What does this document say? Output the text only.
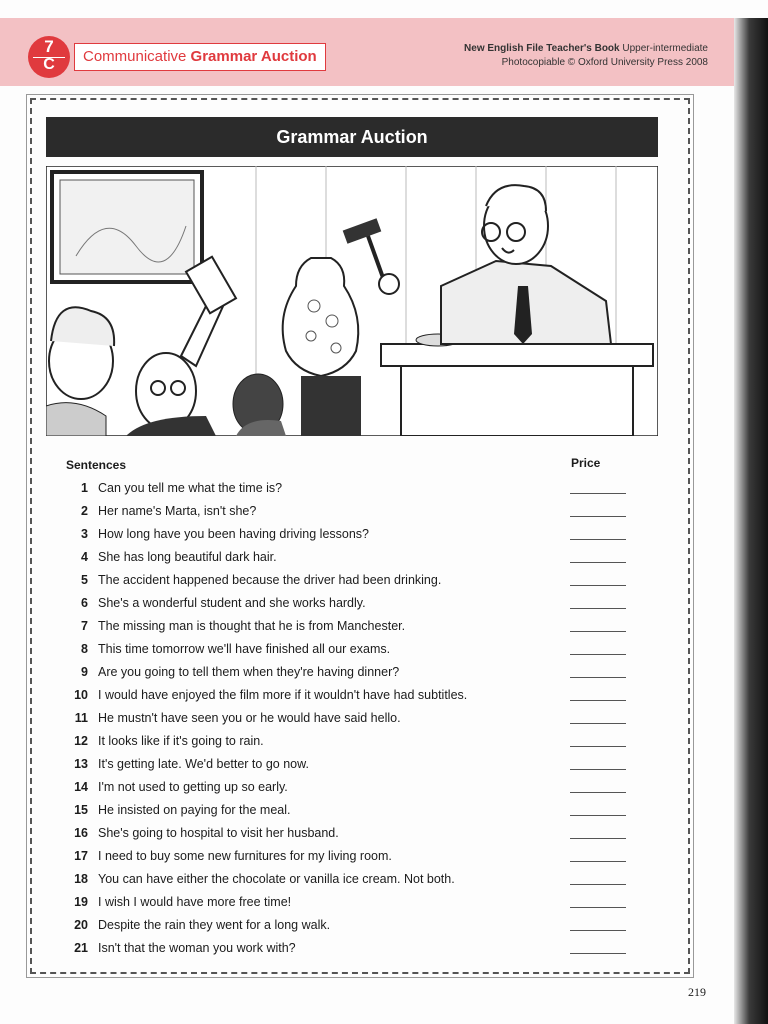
7
C	Communicative Grammar Auction	New English File Teacher's Book Upper-intermediate
Photocopiable © Oxford University Press 2008
Grammar Auction
Sentences	Price
1 Can you tell me what the time is?
2 Her name's Marta, isn't she?
3 How long have you been having driving lessons?
4 She has long beautiful dark hair.
5 The accident happened because the driver had been drinking.
6 She's a wonderful student and she works hardly.
7 The missing man is thought that he is from Manchester.
8 This time tomorrow we'll have finished all our exams.
9 Are you going to tell them when they're having dinner?
10 I would have enjoyed the film more if it wouldn't have had subtitles.
11 He mustn't have seen you or he would have said hello.
12 It looks like if it's going to rain.
13 It's getting late. We'd better to go now.
14 I'm not used to getting up so early.
15 He insisted on paying for the meal.
16 She's going to hospital to visit her husband.
17 I need to buy some new furnitures for my living room.
18 You can have either the chocolate or vanilla ice cream. Not both.
19 I wish I would have more free time!
20 Despite the rain they went for a long walk.
21 Isn't that the woman you work with?
219
